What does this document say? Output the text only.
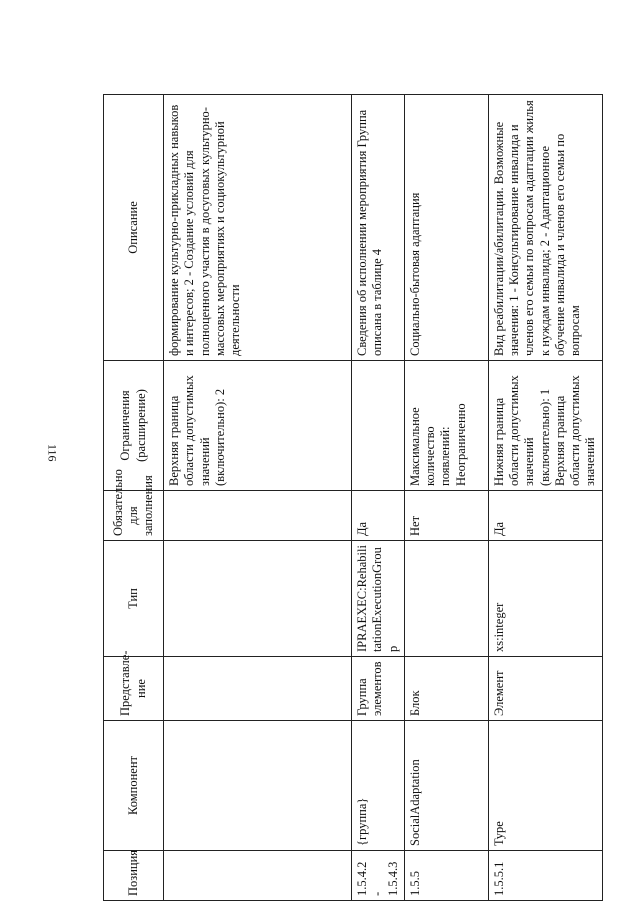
116
Позиция	Компонент	Представле-ние	Тип	Обязательно для заполнения	Ограничения (расширение)	Описание
					Верхняя граница области допустимых значений (включительно): 2	формирование культурно-прикладных навыков и интересов; 2 - Создание условий для полноценного участия в досуговых культурно-массовых мероприятиях и социокультурной деятельности
1.5.4.2 - 1.5.4.3	{группа}	Группа элементов	IPRAEXEC:RehabilitationExecutionGroup	Да		Сведения об исполнении мероприятия Группа описана в таблице 4
1.5.5	SocialAdaptation	Блок		Нет	Максимальное количество появлений: Неограниченно	Социально-бытовая адаптация
1.5.5.1	Type	Элемент	xs:integer	Да	Нижняя граница области допустимых значений (включительно): 1 Верхняя граница области допустимых значений	Вид реабилитации/абилитации. Возможные значения: 1 - Консультирование инвалида и членов его семьи по вопросам адаптации жилья к нуждам инвалида; 2 - Адаптационное обучение инвалида и членов его семьи по вопросам
